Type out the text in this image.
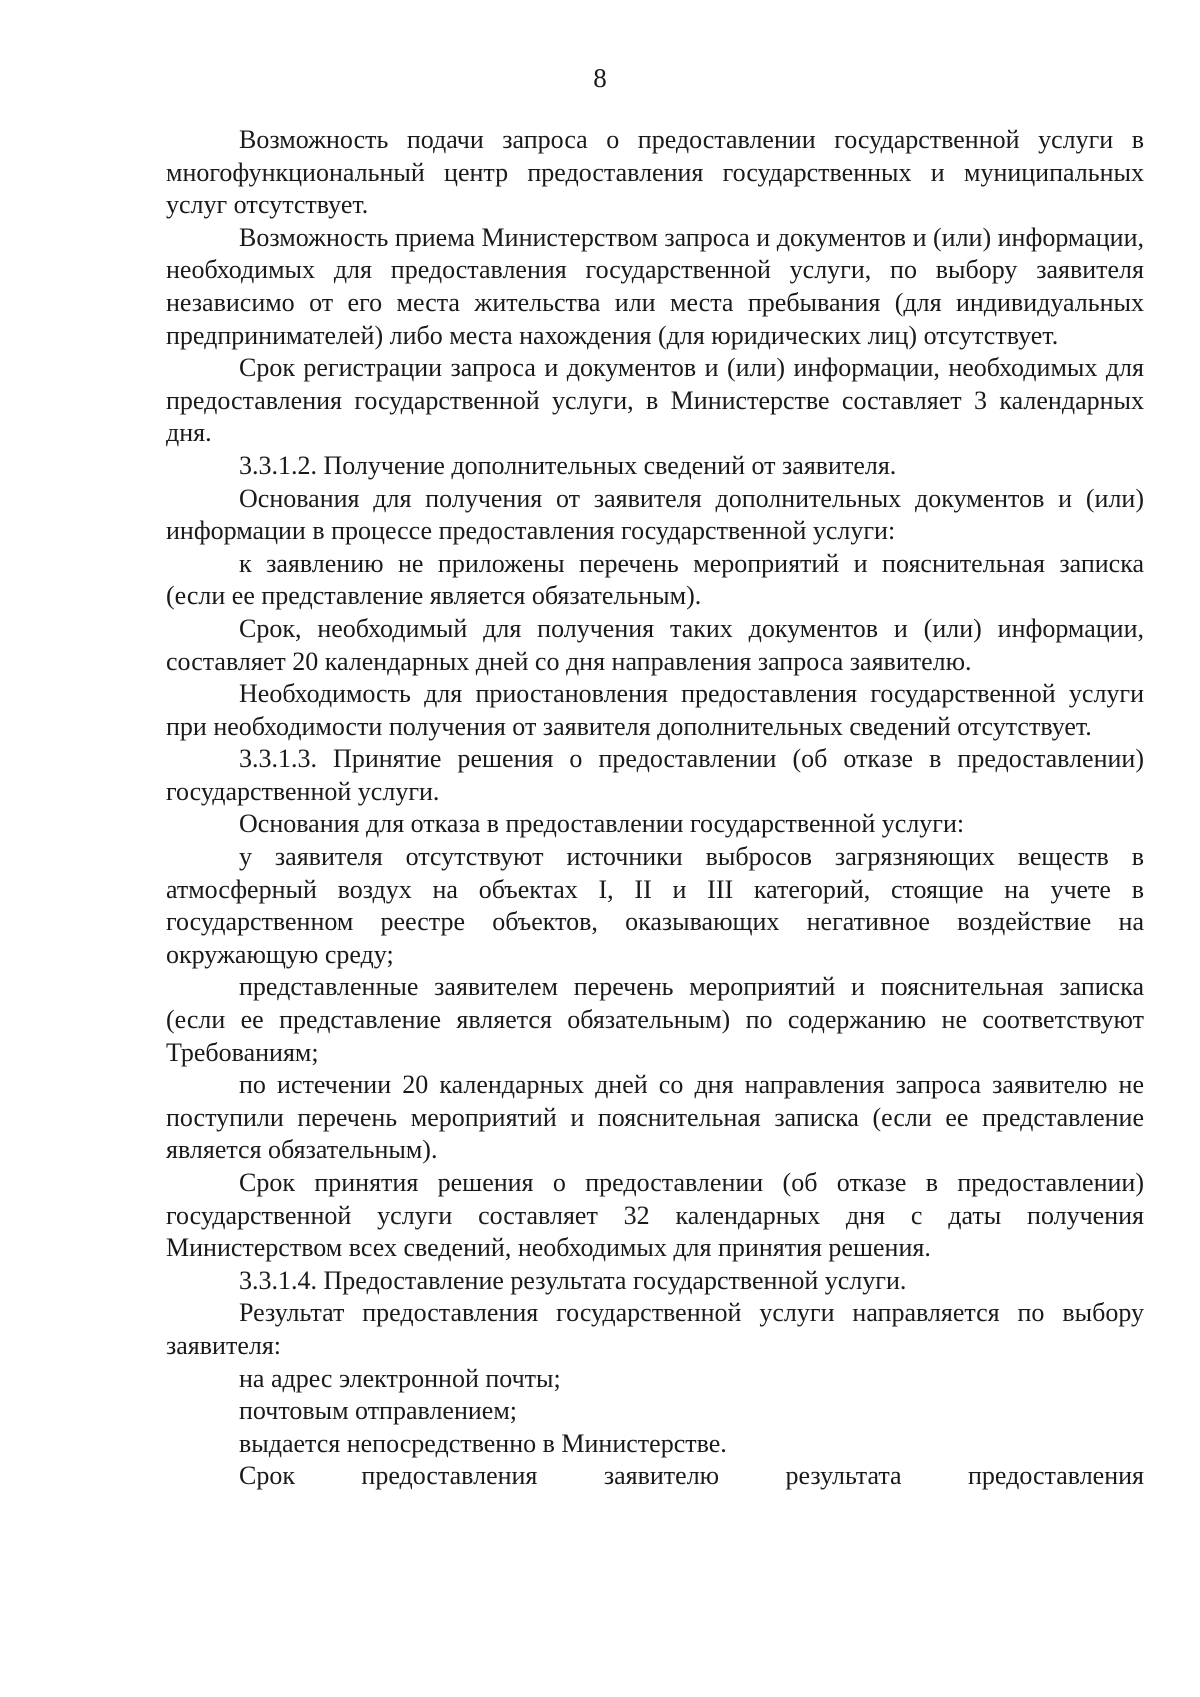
8

Возможность подачи запроса о предоставлении государственной услуги в многофункциональный центр предоставления государственных и муниципальных услуг отсутствует.

Возможность приема Министерством запроса и документов и (или) информации, необходимых для предоставления государственной услуги, по выбору заявителя независимо от его места жительства или места пребывания (для индивидуальных предпринимателей) либо места нахождения (для юридических лиц) отсутствует.

Срок регистрации запроса и документов и (или) информации, необходимых для предоставления государственной услуги, в Министерстве составляет 3 календарных дня.

3.3.1.2. Получение дополнительных сведений от заявителя.

Основания для получения от заявителя дополнительных документов и (или) информации в процессе предоставления государственной услуги:

к заявлению не приложены перечень мероприятий и пояснительная записка (если ее представление является обязательным).

Срок, необходимый для получения таких документов и (или) информации, составляет 20 календарных дней со дня направления запроса заявителю.

Необходимость для приостановления предоставления государственной услуги при необходимости получения от заявителя дополнительных сведений отсутствует.

3.3.1.3. Принятие решения о предоставлении (об отказе в предоставлении) государственной услуги.

Основания для отказа в предоставлении государственной услуги:

у заявителя отсутствуют источники выбросов загрязняющих веществ в атмосферный воздух на объектах I, II и III категорий, стоящие на учете в государственном реестре объектов, оказывающих негативное воздействие на окружающую среду;

представленные заявителем перечень мероприятий и пояснительная записка (если ее представление является обязательным) по содержанию не соответствуют Требованиям;

по истечении 20 календарных дней со дня направления запроса заявителю не поступили перечень мероприятий и пояснительная записка (если ее представление является обязательным).

Срок принятия решения о предоставлении (об отказе в предоставлении) государственной услуги составляет 32 календарных дня с даты получения Министерством всех сведений, необходимых для принятия решения.

3.3.1.4. Предоставление результата государственной услуги.

Результат предоставления государственной услуги направляется по выбору заявителя:

на адрес электронной почты;

почтовым отправлением;

выдается непосредственно в Министерстве.

Срок предоставления заявителю результата предоставления
